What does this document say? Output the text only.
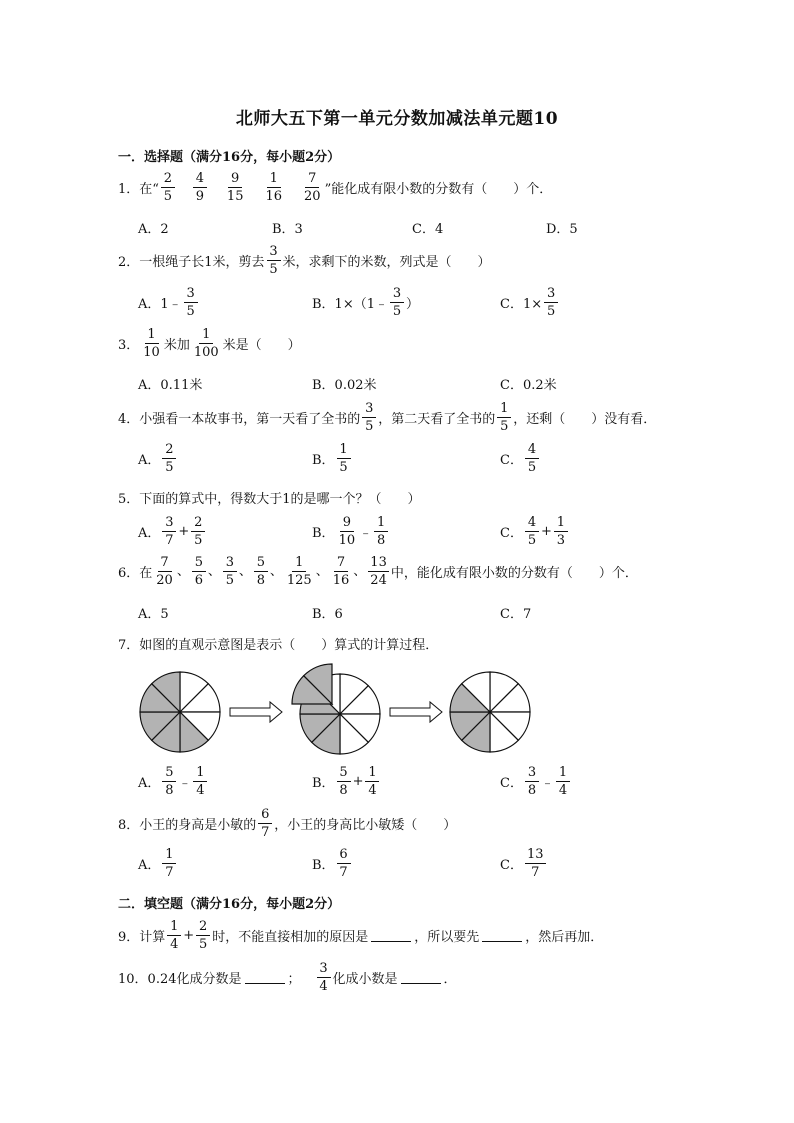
北师大五下第一单元分数加减法单元题10
一．选择题（满分16分，每小题2分）
1．在“ $\frac{2}{5} \frac{4}{9} \frac{9}{15} \frac{1}{16} \frac{7}{20}$ ”能化成有限小数的分数有（　　）个．
A．2	B．3	C．4	D．5
2．一根绳子长1米，剪去 $\frac{3}{5}$ 米，求剩下的米数，列式是（　　）
A．1﹣ $\frac{3}{5}$	B．1×（1﹣ $\frac{3}{5}$ ）	C．$1\times \frac{3}{5}$
3． $\frac{1}{10}$ 米加 $\frac{1}{100}$ 米是（　　）
A．0.11米	B．0.02米	C．0.2米
4．小强看一本故事书，第一天看了全书的 $\frac{3}{5}$ ，第二天看了全书的 $\frac{1}{5}$ ，还剩（　　）没有看．
A． $\frac{2}{5}$	B． $\frac{1}{5}$	C． $\frac{4}{5}$
5．下面的算式中，得数大于1的是哪一个？（　　）
A． $\frac{3}{7} + \frac{2}{5}$	B． $\frac{9}{10}$ ﹣ $\frac{1}{8}$	C． $\frac{4}{5} + \frac{1}{3}$
6．在 $\frac{7}{20}$ 、 $\frac{5}{6}$ 、 $\frac{3}{5}$ 、 $\frac{5}{8}$ 、 $\frac{1}{125}$ 、 $\frac{7}{16}$ 、 $\frac{13}{24}$ 中，能化成有限小数的分数有（　　）个．
A．5	B．6	C．7
7．如图的直观示意图是表示（　　）算式的计算过程．
A． $\frac{5}{8}$ ﹣ $\frac{1}{4}$	B． $\frac{5}{8} + \frac{1}{4}$	C． $\frac{3}{8}$ ﹣ $\frac{1}{4}$
8．小王的身高是小敏的 $\frac{6}{7}$ ，小王的身高比小敏矮（　　）
A． $\frac{1}{7}$	B． $\frac{6}{7}$	C． $\frac{13}{7}$
二．填空题（满分16分，每小题2分）
9．计算 $\frac{1}{4} + \frac{2}{5}$ 时，不能直接相加的原因是	，所以要先	，然后再加．
10．0.24化成分数是	； $\frac{3}{4}$ 化成小数是	．
